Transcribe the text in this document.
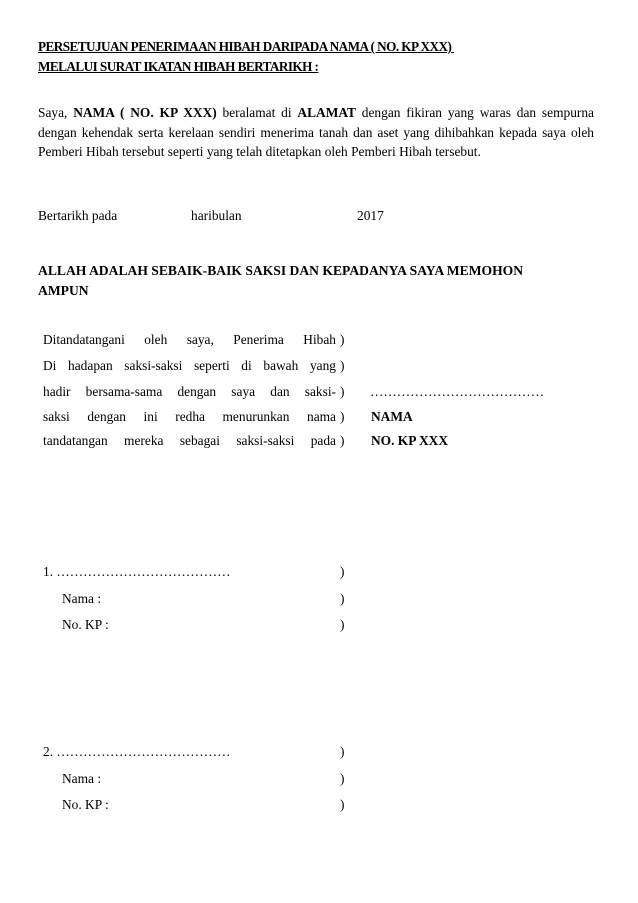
PERSETUJUAN PENERIMAAN HIBAH DARIPADA NAMA ( NO. KP XXX)
MELALUI SURAT IKATAN HIBAH BERTARIKH :
Saya, NAMA ( NO. KP XXX) beralamat di ALAMAT dengan fikiran yang waras dan sempurna dengan kehendak serta kerelaan sendiri menerima tanah dan aset yang dihibahkan kepada saya oleh Pemberi Hibah tersebut seperti yang telah ditetapkan oleh Pemberi Hibah tersebut.
Bertarikh pada	haribulan	2017
ALLAH ADALAH SEBAIK-BAIK SAKSI DAN KEPADANYA SAYA MEMOHON
AMPUN
Ditandatangani oleh saya, Penerima Hibah
Di hadapan saksi-saksi seperti di bawah yang
hadir bersama-sama dengan saya dan saksi-
saksi dengan ini redha menurunkan nama
tandatangan mereka sebagai saksi-saksi pada
)
)
)
)
)
…………………………………
NAMA
NO. KP XXX
1. …………………………………
Nama :
No. KP :
)
)
)
2. …………………………………
Nama :
No. KP :
)
)
)
